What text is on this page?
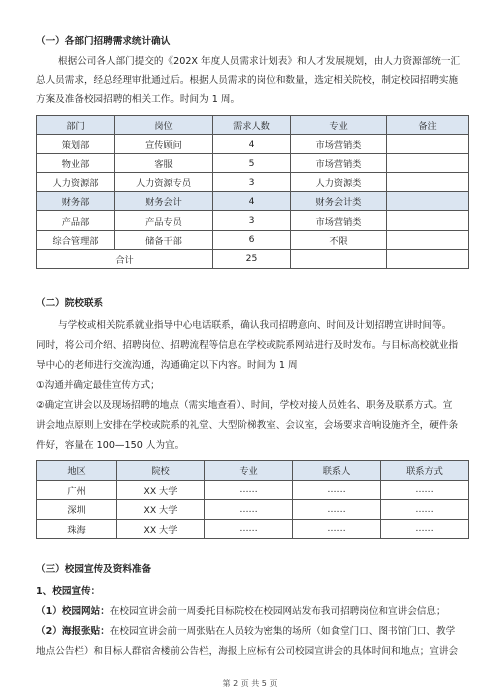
（一）各部门招聘需求统计确认
根据公司各人部门提交的《202X 年度人员需求计划表》和人才发展规划，由人力资源部统一汇
总人员需求，经总经理审批通过后。根据人员需求的岗位和数量，选定相关院校，制定校园招聘实施
方案及准备校园招聘的相关工作。时间为 1 周。
部门	岗位	需求人数	专业	备注
策划部	宣传顾问	4	市场营销类	
物业部	客服	5	市场营销类	
人力资源部	人力资源专员	3	人力资源类	
财务部	财务会计	4	财务会计类	
产品部	产品专员	3	市场营销类	
综合管理部	储备干部	6	不限	
合计		25		
（二）院校联系
与学校或相关院系就业指导中心电话联系，确认我司招聘意向、时间及计划招聘宣讲时间等。
同时，将公司介绍、招聘岗位、招聘流程等信息在学校或院系网站进行及时发布。与目标高校就业指
导中心的老师进行交流沟通，沟通确定以下内容。时间为 1 周
①沟通并确定最佳宣传方式；
②确定宣讲会以及现场招聘的地点（需实地查看）、时间，学校对接人员姓名、职务及联系方式。宣
讲会地点原则上安排在学校或院系的礼堂、大型阶梯教室、会议室，会场要求音响设施齐全，硬件条
件好，容量在 100—150 人为宜。
地区	院校	专业	联系人	联系方式
广州	XX 大学	……	……	……
深圳	XX 大学	……	……	……
珠海	XX 大学	……	……	……
（三）校园宣传及资料准备
1、校园宣传：
（1）校园网站：在校园宣讲会前一周委托目标院校在校园网站发布我司招聘岗位和宣讲会信息；
（2）海报张贴：在校园宣讲会前一周张贴在人员较为密集的场所（如食堂门口、图书馆门口、教学
地点公告栏）和目标人群宿舍楼前公告栏，海报上应标有公司校园宣讲会的具体时间和地点；宣讲会
第 2 页 共 5 页
